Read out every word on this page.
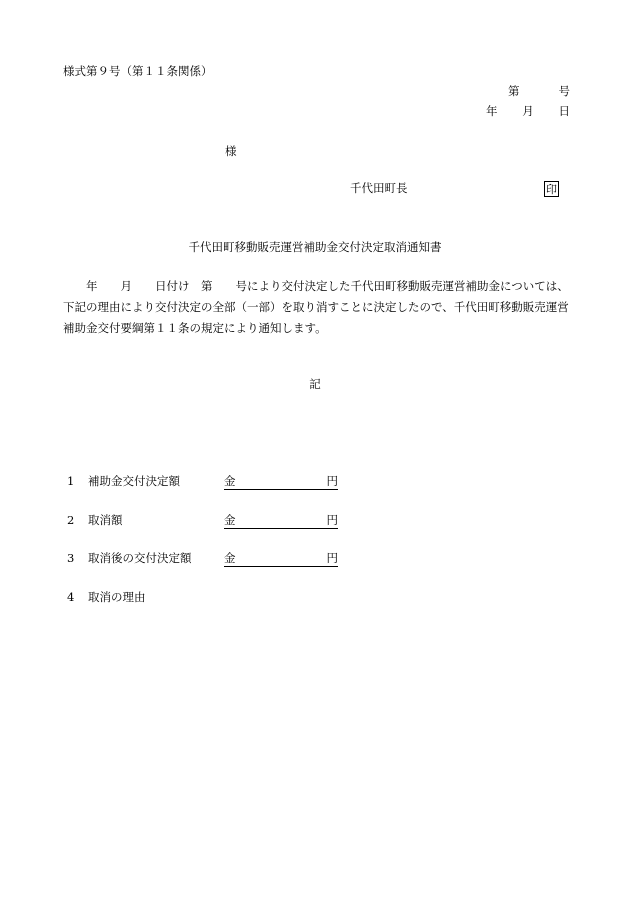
様式第９号（第１１条関係）
第	号
年 月 日
様
千代田町長	印
千代田町移動販売運営補助金交付決定取消通知書
　　年　　月　　日付け　第　　号により交付決定した千代田町移動販売運営補助金については、
下記の理由により交付決定の全部（一部）を取り消すことに決定したので、千代田町移動販売運営
補助金交付要綱第１１条の規定により通知します。
記
1 補助金交付決定額	金	円
2 取消額	金	円
3 取消後の交付決定額	金	円
4 取消の理由
